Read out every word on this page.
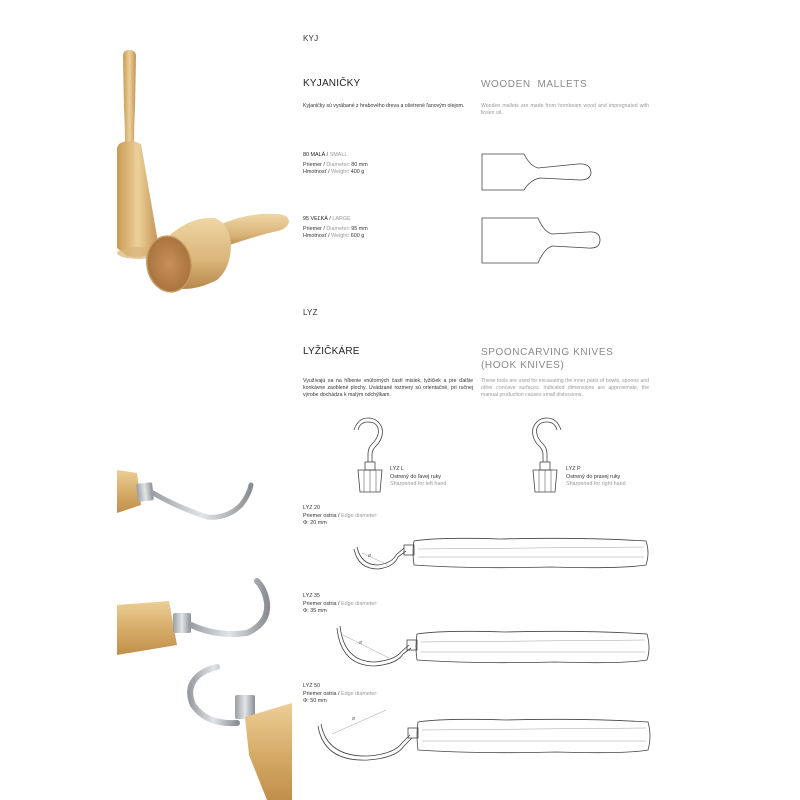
KYJ
KYJANIČKY	WOODEN  MALLETS
Kyjaničky sú vyrábané z hrabového dreva a ošetrené ľanovým olejom.	Wooden mallets are made from hornbeam wood and impregnated with linsen oil.
80 MALÁ / SMALL
Priemer / Diameter: 80 mm
Hmotnosť / Weight: 400 g
95 VEĽKÁ / LARGE
Priemer / Diameter: 95 mm
Hmotnosť / Weight: 600 g
LYZ
LYŽIČKÁRE	SPOONCARVING KNIVES
(HOOK KNIVES)
Využívajú sa na hĺbenie vnútorných častí misiek, lyžičiek a pre ďalšie konkávne zaoblené plochy. Uvádzané rozmery sú orientačné, pri ručnej výrobe dochádza k malým odchýlkam.
These tools are used for excavating the inner parts of bowls, spoons and other concave surfaces. Indicated dimensions are approximate, the manual production causes small distorsions.
LYZ L
Ostrený do ľavej ruky
Sharpened for left hand
LYZ P
Ostrený do pravej ruky
Sharpened for right hand
LYZ 20
Priemer ostria / Edge diameter:
Φ: 20 mm
ø
LYZ 35
Priemer ostria / Edge diameter:
Φ: 35 mm
ø
LYZ 50
Priemer ostria / Edge diameter:
Φ: 50 mm
ø
